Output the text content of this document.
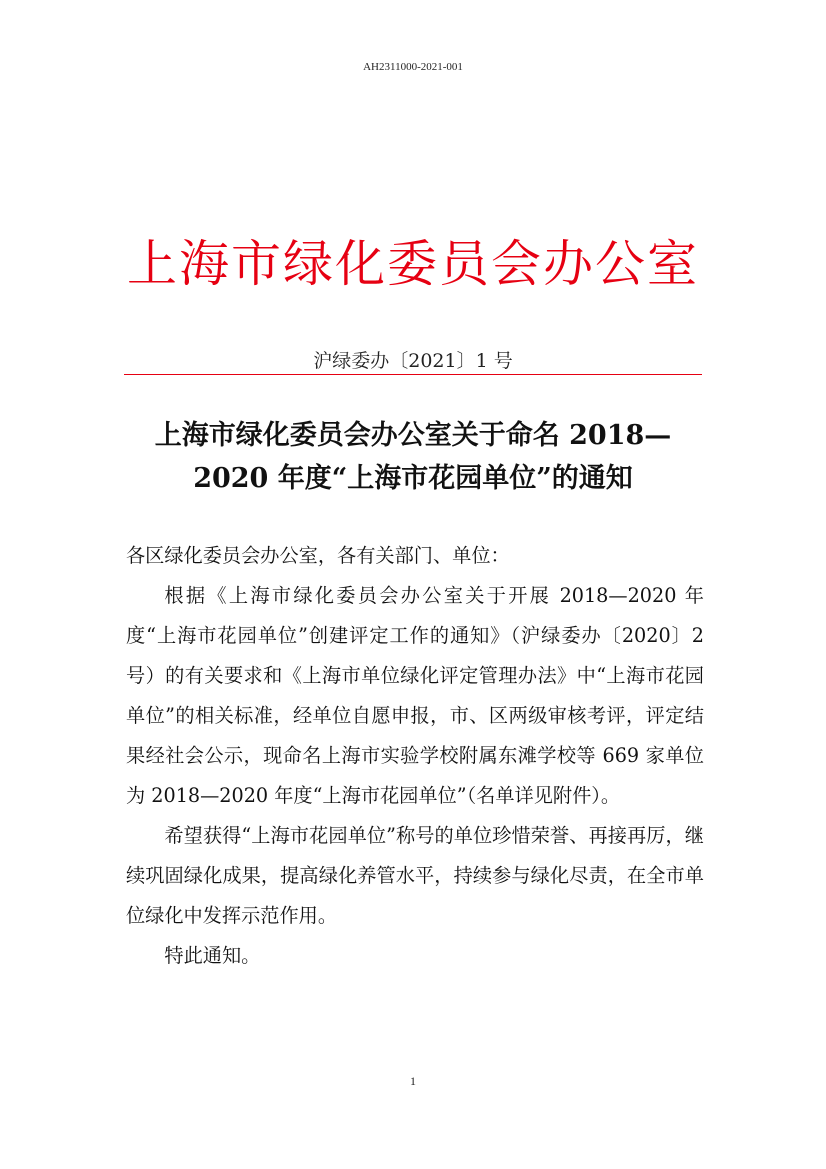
AH2311000-2021-001
上海市绿化委员会办公室
沪绿委办〔2021〕1 号
上海市绿化委员会办公室关于命名 2018—
2020 年度“上海市花园单位”的通知

各区绿化委员会办公室，各有关部门、单位：

根据《上海市绿化委员会办公室关于开展 2018—2020 年度“上海市花园单位”创建评定工作的通知》（沪绿委办〔2020〕2 号）的有关要求和《上海市单位绿化评定管理办法》中“上海市花园单位”的相关标准，经单位自愿申报，市、区两级审核考评，评定结果经社会公示，现命名上海市实验学校附属东滩学校等 669 家单位为 2018—2020 年度“上海市花园单位”（名单详见附件）。

希望获得“上海市花园单位”称号的单位珍惜荣誉、再接再厉，继续巩固绿化成果，提高绿化养管水平，持续参与绿化尽责，在全市单位绿化中发挥示范作用。

特此通知。

1
